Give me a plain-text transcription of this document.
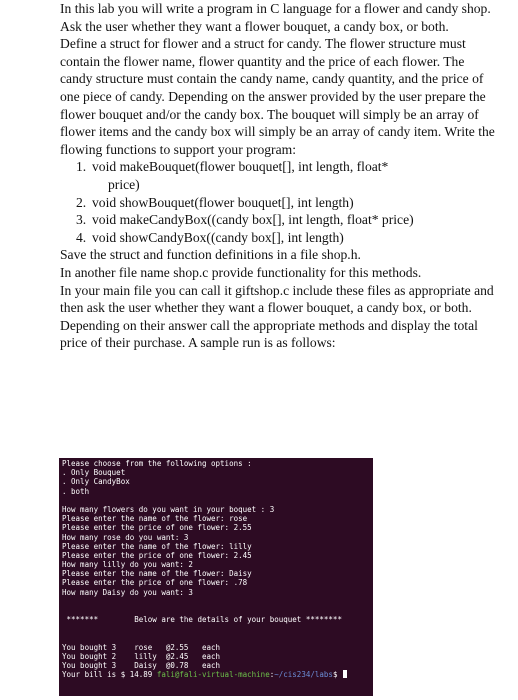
In this lab you will write a program in C language for a flower and candy shop. Ask the user whether they want a flower bouquet, a candy box, or both.

Define a struct for flower and a struct for candy. The flower structure must contain the flower name, flower quantity and the price of each flower. The candy structure must contain the candy name, candy quantity, and the price of one piece of candy. Depending on the answer provided by the user prepare the flower bouquet and/or the candy box. The bouquet will simply be an array of flower items and the candy box will simply be an array of candy item. Write the flowing functions to support your program:

1. void makeBouquet(flower bouquet[], int length, float*
price)
2. void showBouquet(flower bouquet[], int length)
3. void makeCandyBox((candy box[], int length, float* price)
4. void showCandyBox((candy box[], int length)

Save the struct and function definitions in a file shop.h.

In another file name shop.c provide functionality for this methods.

In your main file you can call it giftshop.c include these files as appropriate and then ask the user whether they want a flower bouquet, a candy box, or both.

Depending on their answer call the appropriate methods and display the total price of their purchase. A sample run is as follows:

Please choose from the following options :
. Only Bouquet
. Only CandyBox
. both
How many flowers do you want in your boquet : 3
Please enter the name of the flower: rose
Please enter the price of one flower: 2.55
How many rose do you want: 3
Please enter the name of the flower: lilly
Please enter the price of one flower: 2.45
How many lilly do you want: 2
Please enter the name of the flower: Daisy
Please enter the price of one flower: .78
How many Daisy do you want: 3
*******        Below are the details of your bouquet ********
You bought 3    rose   @2.55   each
You bought 2    lilly  @2.45   each
You bought 3    Daisy  @0.78   each
Your bill is $ 14.89 fali@fali-virtual-machine:~/cis234/labs$
